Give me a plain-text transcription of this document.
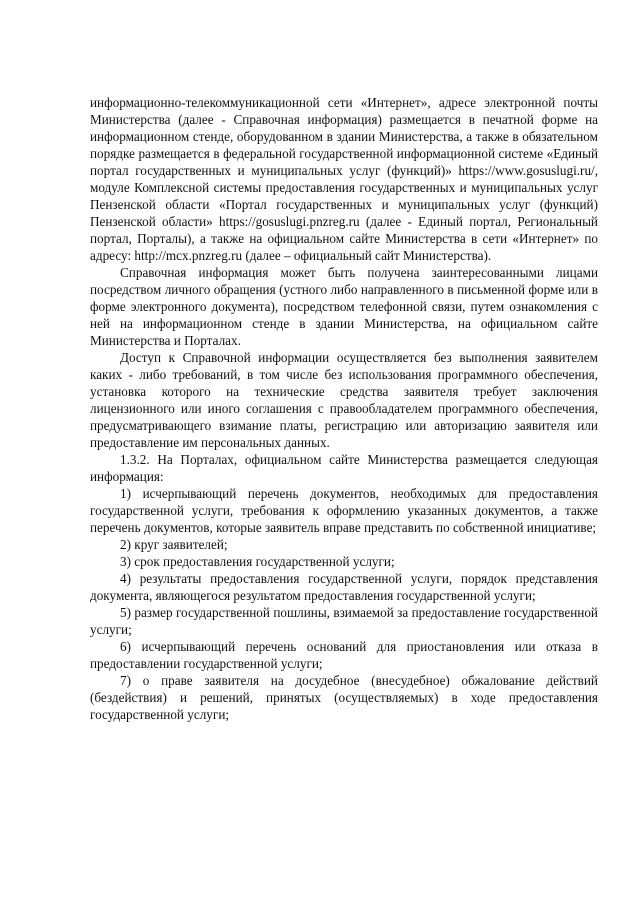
информационно-телекоммуникационной сети «Интернет», адресе электронной почты Министерства (далее - Справочная информация) размещается в печатной форме на информационном стенде, оборудованном в здании Министерства, а также в обязательном порядке размещается в федеральной государственной информационной системе «Единый портал государственных и муниципальных услуг (функций)» https://www.gosuslugi.ru/, модуле Комплексной системы предоставления государственных и муниципальных услуг Пензенской области «Портал государственных и муниципальных услуг (функций) Пензенской области» https://gosuslugi.pnzreg.ru (далее - Единый портал, Региональный портал, Порталы), а также на официальном сайте Министерства в сети «Интернет» по адресу: http://mcx.pnzreg.ru (далее – официальный сайт Министерства).

Справочная информация может быть получена заинтересованными лицами посредством личного обращения (устного либо направленного в письменной форме или в форме электронного документа), посредством телефонной связи, путем ознакомления с ней на информационном стенде в здании Министерства, на официальном сайте Министерства и Порталах.

Доступ к Справочной информации осуществляется без выполнения заявителем каких - либо требований, в том числе без использования программного обеспечения, установка которого на технические средства заявителя требует заключения лицензионного или иного соглашения с правообладателем программного обеспечения, предусматривающего взимание платы, регистрацию или авторизацию заявителя или предоставление им персональных данных.

1.3.2. На Порталах, официальном сайте Министерства размещается следующая информация:

1) исчерпывающий перечень документов, необходимых для предоставления государственной услуги, требования к оформлению указанных документов, а также перечень документов, которые заявитель вправе представить по собственной инициативе;

2) круг заявителей;

3) срок предоставления государственной услуги;

4) результаты предоставления государственной услуги, порядок представления документа, являющегося результатом предоставления государственной услуги;

5) размер государственной пошлины, взимаемой за предоставление государственной услуги;

6) исчерпывающий перечень оснований для приостановления или отказа в предоставлении государственной услуги;

7) о праве заявителя на досудебное (внесудебное) обжалование действий (бездействия) и решений, принятых (осуществляемых) в ходе предоставления государственной услуги;
